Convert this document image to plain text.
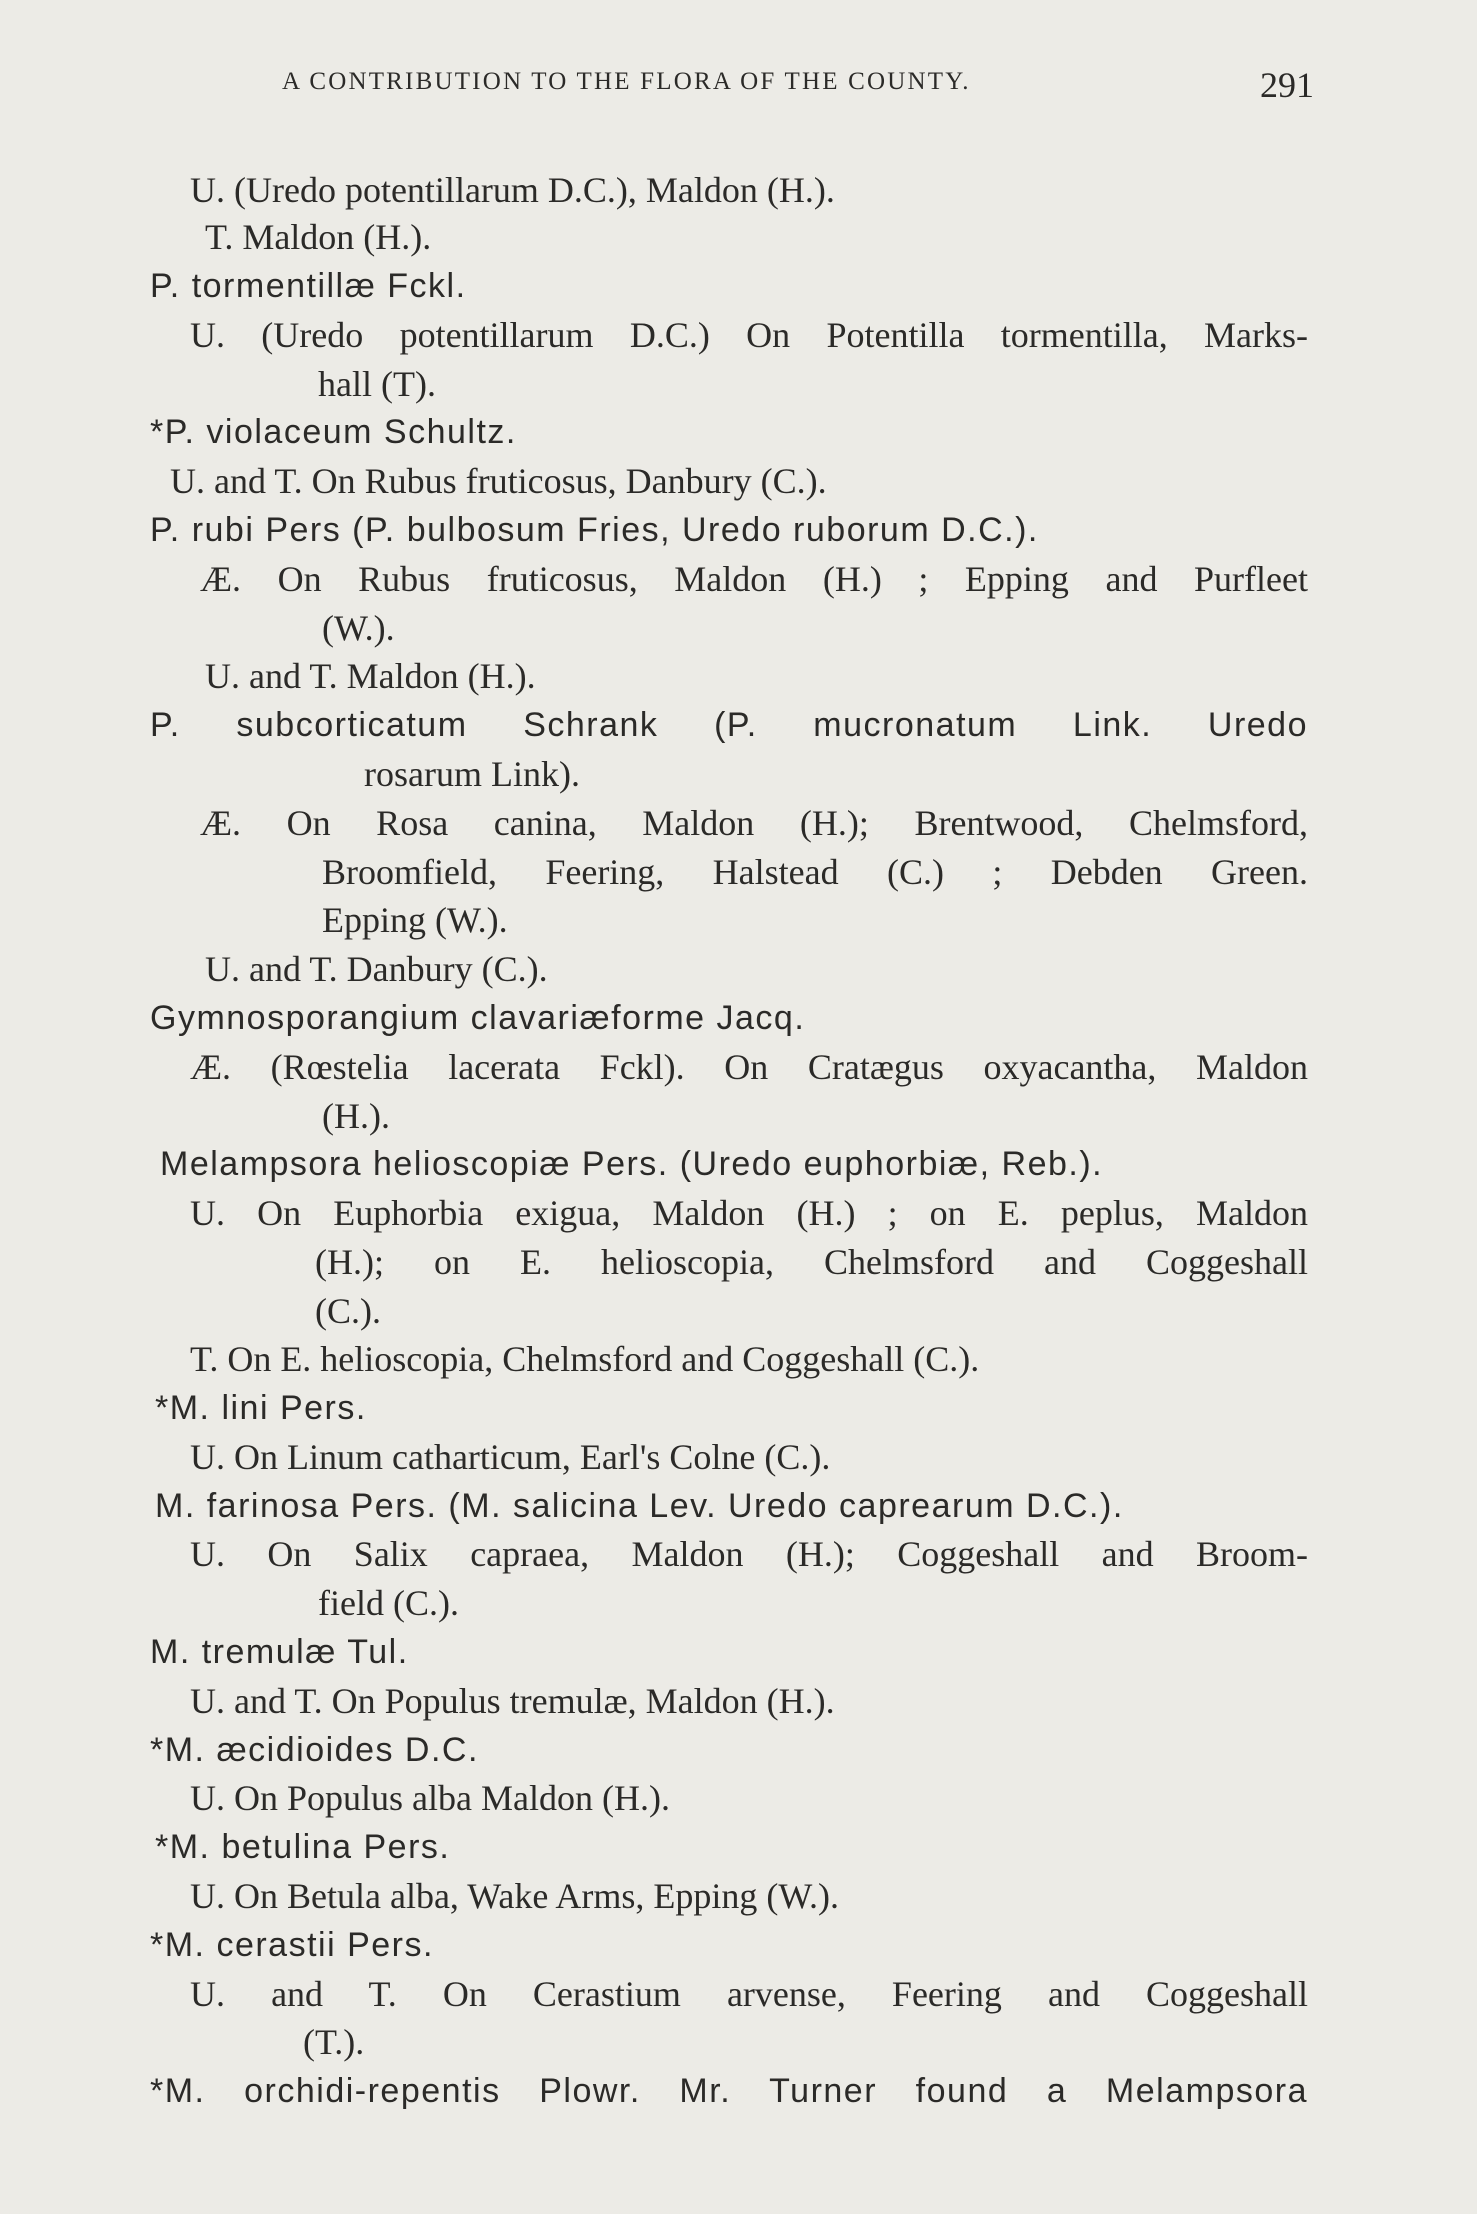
A CONTRIBUTION TO THE FLORA OF THE COUNTY.	291
U. (Uredo potentillarum D.C.), Maldon (H.).
T. Maldon (H.).
P. tormentillæ Fckl.
U. (Uredo potentillarum D.C.) On Potentilla tormentilla, Marks-
hall (T).
*P. violaceum Schultz.
U. and T. On Rubus fruticosus, Danbury (C.).
P. rubi Pers (P. bulbosum Fries, Uredo ruborum D.C.).
Æ. On Rubus fruticosus, Maldon (H.) ; Epping and Purfleet
(W.).
U. and T. Maldon (H.).
P. subcorticatum Schrank (P. mucronatum Link. Uredo
rosarum Link).
Æ. On Rosa canina, Maldon (H.); Brentwood, Chelmsford,
Broomfield, Feering, Halstead (C.) ; Debden Green.
Epping (W.).
U. and T. Danbury (C.).
Gymnosporangium clavariæforme Jacq.
Æ. (Rœstelia lacerata Fckl). On Cratægus oxyacantha, Maldon
(H.).
Melampsora helioscopiæ Pers. (Uredo euphorbiæ, Reb.).
U. On Euphorbia exigua, Maldon (H.) ; on E. peplus, Maldon
(H.); on E. helioscopia, Chelmsford and Coggeshall
(C.).
T. On E. helioscopia, Chelmsford and Coggeshall (C.).
*M. lini Pers.
U. On Linum catharticum, Earl's Colne (C.).
M. farinosa Pers. (M. salicina Lev. Uredo caprearum D.C.).
U. On Salix capraea, Maldon (H.); Coggeshall and Broom-
field (C.).
M. tremulæ Tul.
U. and T. On Populus tremulæ, Maldon (H.).
*M. æcidioides D.C.
U. On Populus alba Maldon (H.).
*M. betulina Pers.
U. On Betula alba, Wake Arms, Epping (W.).
*M. cerastii Pers.
U. and T. On Cerastium arvense, Feering and Coggeshall
(T.).
*M. orchidi-repentis Plowr. Mr. Turner found a Melampsora
